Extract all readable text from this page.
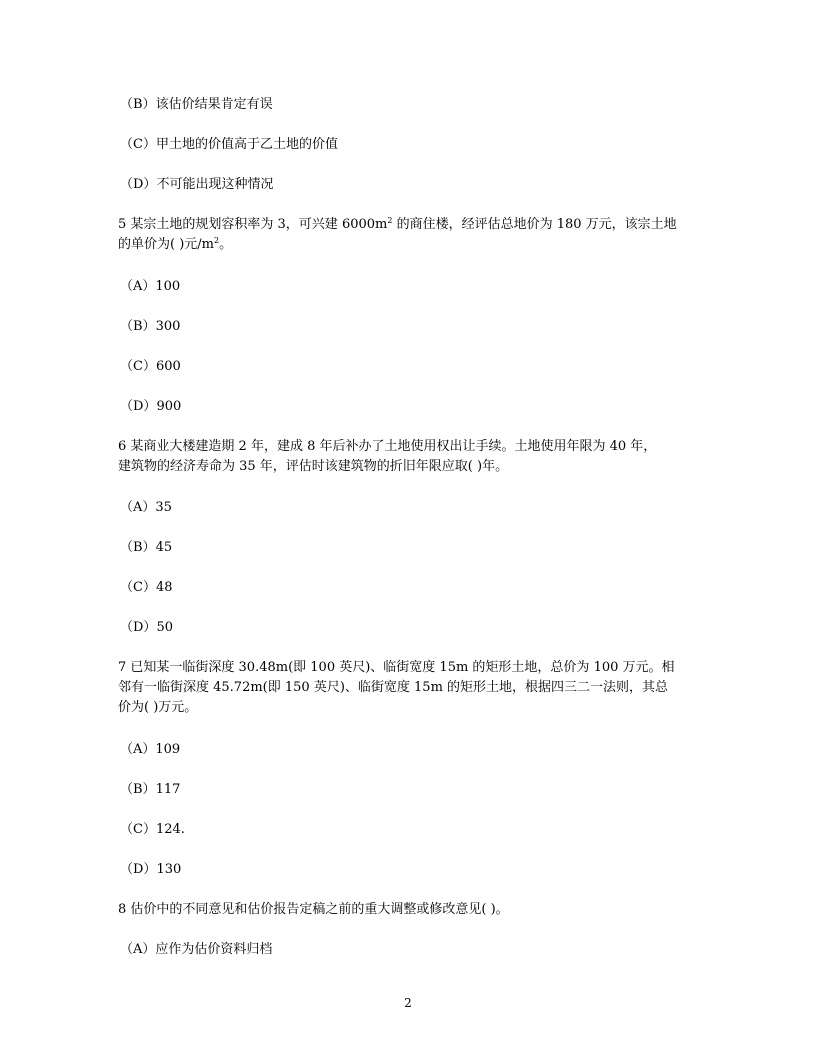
（B）该估价结果肯定有误
（C）甲土地的价值高于乙土地的价值
（D）不可能出现这种情况
5 某宗土地的规划容积率为 3，可兴建 $6000m^2$ 的商住楼，经评估总地价为 180 万元，该宗土地
的单价为( )元$/m^2$。
（A）100
（B）300
（C）600
（D）900
6 某商业大楼建造期 2 年，建成 8 年后补办了土地使用权出让手续。土地使用年限为 40 年，
建筑物的经济寿命为 35 年，评估时该建筑物的折旧年限应取( )年。
（A）35
（B）45
（C）48
（D）50
7 已知某一临街深度 30.48m(即 100 英尺)、临街宽度 15m 的矩形土地，总价为 100 万元。相
邻有一临街深度 45.72m(即 150 英尺)、临街宽度 15m 的矩形土地，根据四三二一法则，其总
价为( )万元。
（A）109
（B）117
（C）124.
（D）130
8 估价中的不同意见和估价报告定稿之前的重大调整或修改意见( )。
（A）应作为估价资料归档
2
